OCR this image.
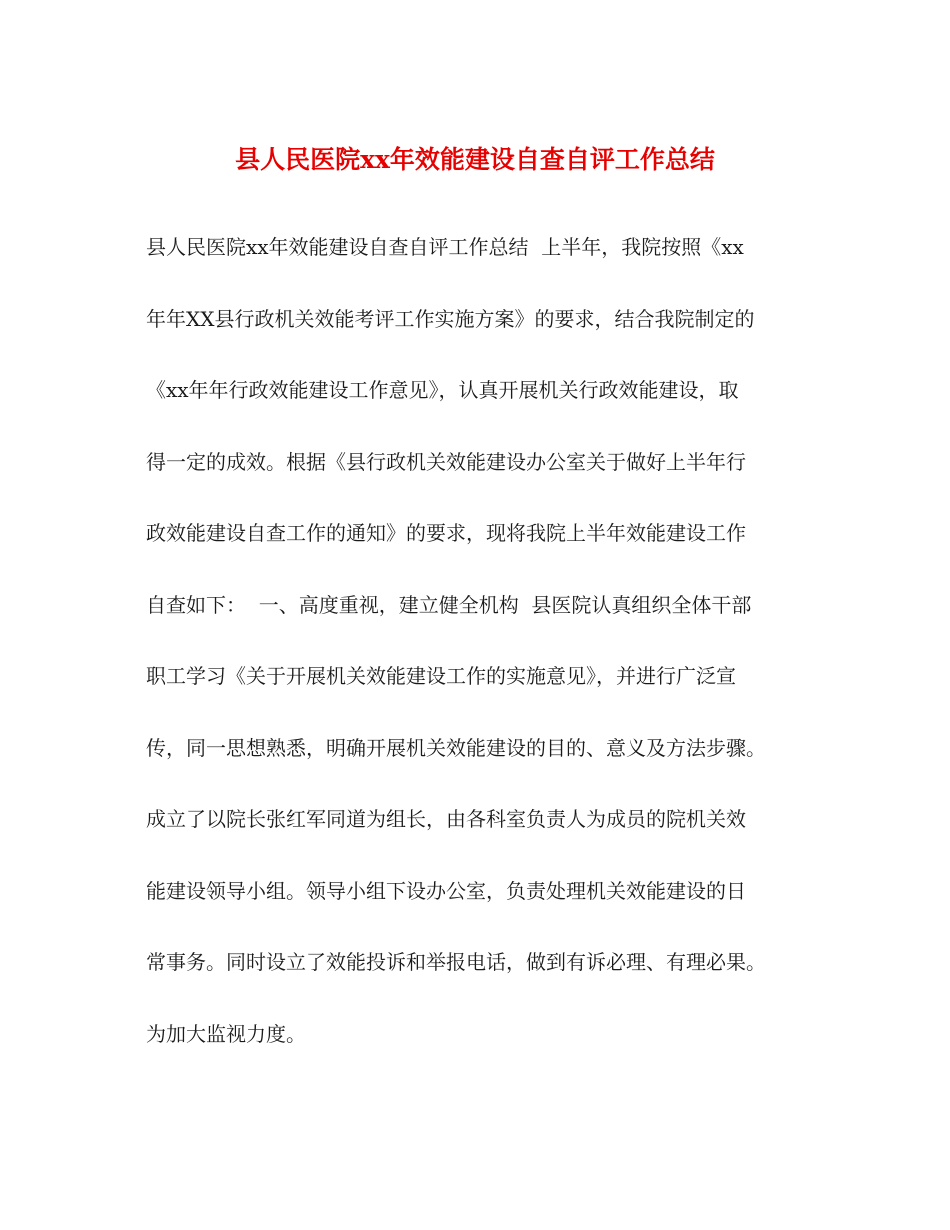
县人民医院xx年效能建设自查自评工作总结
县人民医院xx年效能建设自查自评工作总结  上半年，我院按照《xx
年年XX县行政机关效能考评工作实施方案》的要求，结合我院制定的
《xx年年行政效能建设工作意见》，认真开展机关行政效能建设，取
得一定的成效。根据《县行政机关效能建设办公室关于做好上半年行
政效能建设自查工作的通知》的要求，现将我院上半年效能建设工作
自查如下：  一、高度重视，建立健全机构  县医院认真组织全体干部
职工学习《关于开展机关效能建设工作的实施意见》，并进行广泛宣
传，同一思想熟悉，明确开展机关效能建设的目的、意义及方法步骤。
成立了以院长张红军同道为组长，由各科室负责人为成员的院机关效
能建设领导小组。领导小组下设办公室，负责处理机关效能建设的日
常事务。同时设立了效能投诉和举报电话，做到有诉必理、有理必果。
为加大监视力度。
